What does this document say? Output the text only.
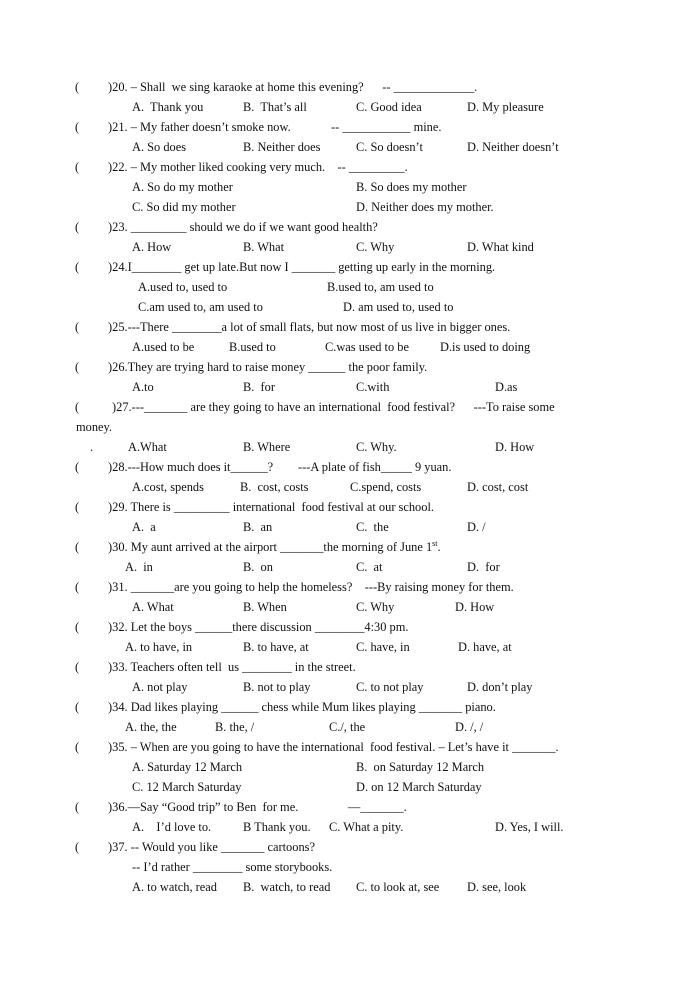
( )20. – Shall  we sing karaoke at home this evening?      -- _____________.
A.  Thank you	B.  That’s all	C. Good idea	D. My pleasure
( )21. – My father doesn’t smoke now.             -- ___________ mine.
A. So does	B. Neither does	C. So doesn’t	D. Neither doesn’t
( )22. – My mother liked cooking very much.    -- _________.
A. So do my mother	B. So does my mother
C. So did my mother	D. Neither does my mother.
( )23. _________ should we do if we want good health?
A. How	B. What	C. Why	D. What kind
( )24.I________ get up late.But now I _______ getting up early in the morning.
A.used to, used to	B.used to, am used to
C.am used to, am used to	D. am used to, used to
( )25.---There ________a lot of small flats, but now most of us live in bigger ones.
A.used to be	B.used to	C.was used to be	D.is used to doing
( )26.They are trying hard to raise money ______ the poor family.
A.to	B.  for	C.with	D.as
(	)27.---_______ are they going to have an international  food festival?      ---To raise some
money.
.	A.What	B. Where	C. Why.	D. How
( )28.---How much does it______?        ---A plate of fish_____ 9 yuan.
A.cost, spends	B.  cost, costs	C.spend, costs	D. cost, cost
( )29. There is _________ international  food festival at our school.
A.  a	B.  an	C.  the	D. /
( )30. My aunt arrived at the airport _______the morning of June 1st.
A.  in	B.  on	C.  at	D.  for
( )31. _______are you going to help the homeless?    ---By raising money for them.
A. What	B. When	C. Why	D. How
( )32. Let the boys ______there discussion ________4:30 pm.
A. to have, in	B. to have, at	C. have, in	D. have, at
( )33. Teachers often tell  us ________ in the street.
A. not play	B. not to play	C. to not play	D. don’t play
( )34. Dad likes playing ______ chess while Mum likes playing _______ piano.
A. the, the	B. the, /	C./, the	D. /, /
( )35. – When are you going to have the international  food festival. – Let’s have it _______.
A. Saturday 12 March	B.  on Saturday 12 March
C. 12 March Saturday	D. on 12 March Saturday
( )36.—Say “Good trip” to Ben  for me.                —_______.
A.    I’d love to.	B Thank you. C. What a pity.	D. Yes, I will.
( )37. -- Would you like _______ cartoons?
-- I’d rather ________ some storybooks.
A. to watch, read B.  watch, to read C. to look at, see D. see, look
